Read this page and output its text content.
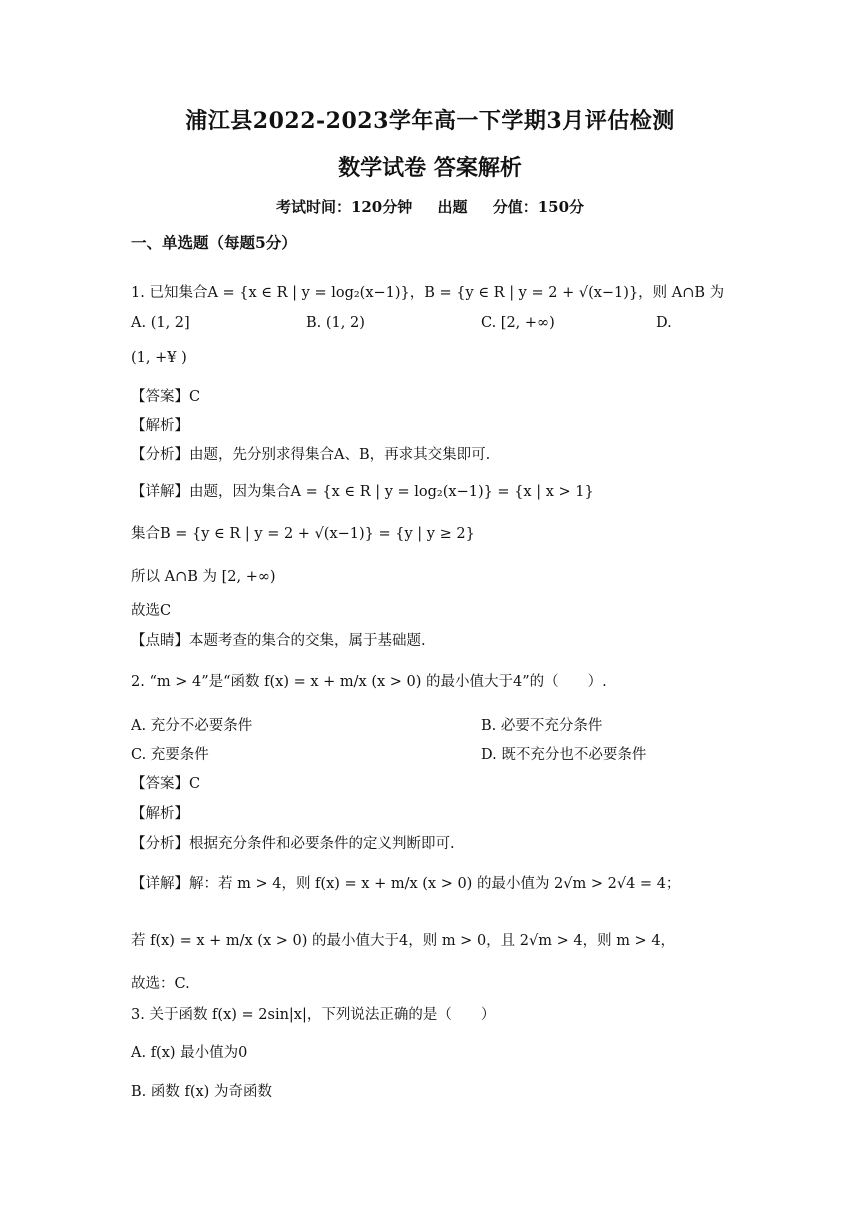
浦江县2022-2023学年高一下学期3月评估检测
数学试卷 答案解析
考试时间：120分钟 出题 分值：150分
一、单选题（每题5分）
1. 已知集合A = {x ∈ R | y = log₂(x−1)}，B = {y ∈ R | y = 2 + √(x−1)}，则 A∩B 为
A. (1, 2]	B. (1, 2)	C. [2, +∞)	D.
(1, +¥ )
【答案】C
【解析】
【分析】由题，先分别求得集合A、B，再求其交集即可.
【详解】由题，因为集合A = {x ∈ R | y = log₂(x−1)} = {x | x > 1}
集合B = {y ∈ R | y = 2 + √(x−1)} = {y | y ≥ 2}
所以 A∩B 为 [2, +∞)
故选C
【点睛】本题考查的集合的交集，属于基础题.
2. “m > 4”是“函数 f(x) = x + m/x (x > 0) 的最小值大于4”的（　　）.
A. 充分不必要条件	B. 必要不充分条件
C. 充要条件	D. 既不充分也不必要条件
【答案】C
【解析】
【分析】根据充分条件和必要条件的定义判断即可.
【详解】解：若 m > 4，则 f(x) = x + m/x (x > 0) 的最小值为 2√m > 2√4 = 4；
若 f(x) = x + m/x (x > 0) 的最小值大于4，则 m > 0，且 2√m > 4，则 m > 4，
故选：C.
3. 关于函数 f(x) = 2sin|x|，下列说法正确的是（　　）
A. f(x) 最小值为0
B. 函数 f(x) 为奇函数
